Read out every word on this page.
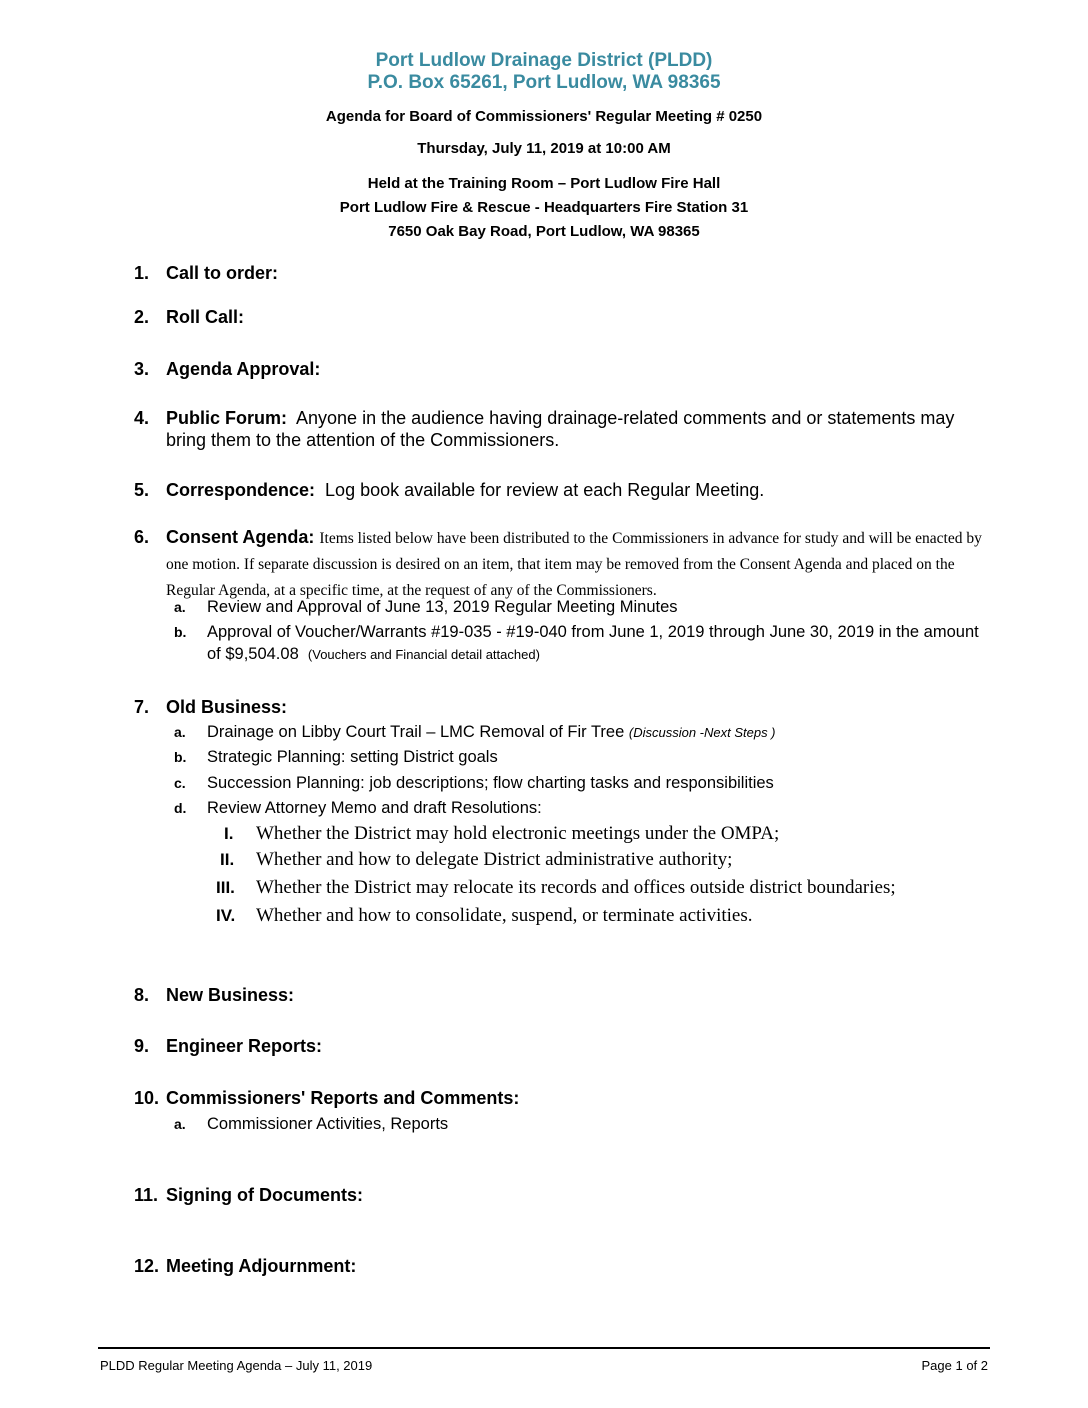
Port Ludlow Drainage District (PLDD)
P.O. Box 65261, Port Ludlow, WA 98365
Agenda for Board of Commissioners' Regular Meeting # 0250
Thursday, July 11, 2019 at 10:00 AM
Held at the Training Room – Port Ludlow Fire Hall
Port Ludlow Fire & Rescue - Headquarters Fire Station 31
7650 Oak Bay Road, Port Ludlow, WA 98365
1. Call to order:
2. Roll Call:
3. Agenda Approval:
4. Public Forum: Anyone in the audience having drainage-related comments and or statements may bring them to the attention of the Commissioners.
5. Correspondence: Log book available for review at each Regular Meeting.
6. Consent Agenda: Items listed below have been distributed to the Commissioners in advance for study and will be enacted by one motion. If separate discussion is desired on an item, that item may be removed from the Consent Agenda and placed on the Regular Agenda, at a specific time, at the request of any of the Commissioners.
a. Review and Approval of June 13, 2019 Regular Meeting Minutes
b. Approval of Voucher/Warrants #19-035 - #19-040 from June 1, 2019 through June 30, 2019 in the amount of $9,504.08 (Vouchers and Financial detail attached)
7. Old Business:
a. Drainage on Libby Court Trail – LMC Removal of Fir Tree (Discussion -Next Steps )
b. Strategic Planning: setting District goals
c. Succession Planning: job descriptions; flow charting tasks and responsibilities
d. Review Attorney Memo and draft Resolutions:
I. Whether the District may hold electronic meetings under the OMPA;
II. Whether and how to delegate District administrative authority;
III. Whether the District may relocate its records and offices outside district boundaries;
IV. Whether and how to consolidate, suspend, or terminate activities.
8. New Business:
9. Engineer Reports:
10. Commissioners' Reports and Comments:
a. Commissioner Activities, Reports
11. Signing of Documents:
12. Meeting Adjournment:
PLDD Regular Meeting Agenda – July 11, 2019	Page 1 of 2
